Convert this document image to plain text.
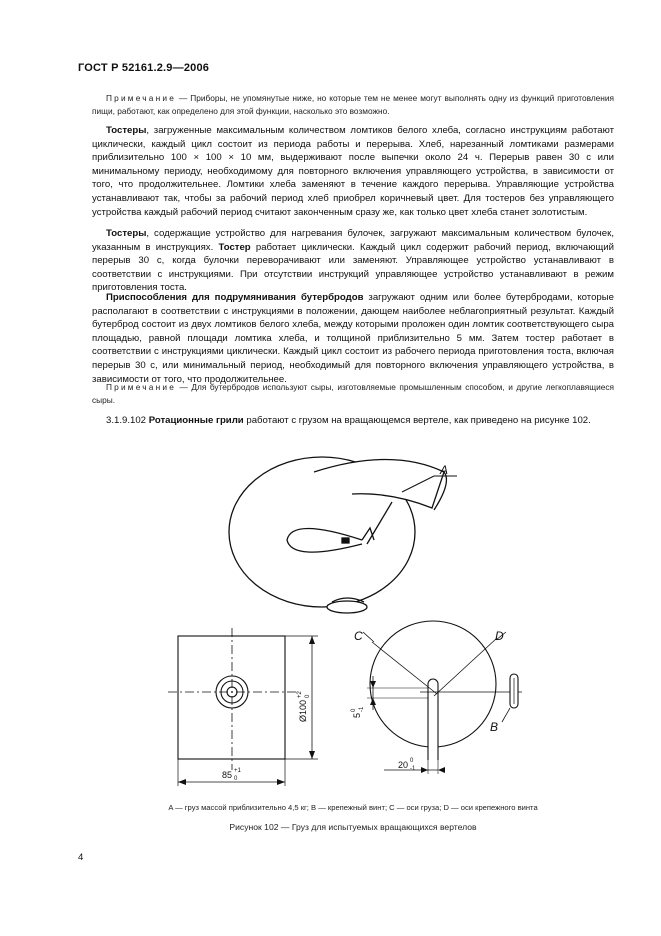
ГОСТ Р 52161.2.9—2006

Примечание — Приборы, не упомянутые ниже, но которые тем не менее могут выполнять одну из функций приготовления пищи, работают, как определено для этой функции, насколько это возможно.

Тостеры, загруженные максимальным количеством ломтиков белого хлеба, согласно инструкциям работают циклически, каждый цикл состоит из периода работы и перерыва. Хлеб, нарезанный ломтиками размерами приблизительно 100 × 100 × 10 мм, выдерживают после выпечки около 24 ч. Перерыв равен 30 с или минимальному периоду, необходимому для повторного включения управляющего устройства, в зависимости от того, что продолжительнее. Ломтики хлеба заменяют в течение каждого перерыва. Управляющие устройства устанавливают так, чтобы за рабочий период хлеб приобрел коричневый цвет. Для тостеров без управляющего устройства каждый рабочий период считают законченным сразу же, как только цвет хлеба станет золотистым.

Тостеры, содержащие устройство для нагревания булочек, загружают максимальным количеством булочек, указанным в инструкциях. Тостер работает циклически. Каждый цикл содержит рабочий период, включающий перерыв 30 с, когда булочки переворачивают или заменяют. Управляющее устройство устанавливают в соответствии с инструкциями. При отсутствии инструкций управляющее устройство устанавливают в режим приготовления тоста.

Приспособления для подрумянивания бутербродов загружают одним или более бутербродами, которые располагают в соответствии с инструкциями в положении, дающем наиболее неблагоприятный результат. Каждый бутерброд состоит из двух ломтиков белого хлеба, между которыми проложен один ломтик соответствующего сыра площадью, равной площади ломтика хлеба, и толщиной приблизительно 5 мм. Затем тостер работает в соответствии с инструкциями циклически. Каждый цикл состоит из рабочего периода приготовления тоста, включая перерыв 30 с, или минимальный период, необходимый для повторного включения управляющего устройства, в зависимости от того, что продолжительнее.

Примечание — Для бутербродов используют сыры, изготовляемые промышленным способом, и другие легкоплавящиеся сыры.

3.1.9.102 Ротационные грили работают с грузом на вращающемся вертеле, как приведено на рисунке 102.

A
Ø100
+2 0
85 +1
0
C	D
B
5
0 -1
20 0
-1
A — груз массой приблизительно 4,5 кг; B — крепежный винт; C — оси груза; D — оси крепежного винта
Рисунок 102 — Груз для испытуемых вращающихся вертелов
4
